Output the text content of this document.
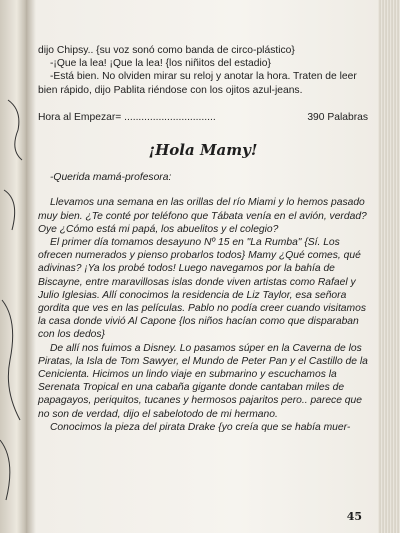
dijo Chipsy.. {su voz sonó como banda de circo-plástico}

-¡Que la lea! ¡Que la lea! {los niñitos del estadio}

-Está bien. No olviden mirar su reloj y anotar la hora. Traten de leer bien rápido, dijo Pablita riéndose con los ojitos azul-jeans.

Hora al Empezar= ................................	390 Palabras
¡Hola Mamy!
-Querida mamá-profesora:

Llevamos una semana en las orillas del río Miami y lo hemos pasado muy bien. ¿Te conté por teléfono que Tábata venía en el avión, verdad? Oye ¿Cómo está mi papá, los abuelitos y el colegio?

El primer día tomamos desayuno Nº 15 en "La Rumba" {Sí. Los ofrecen numerados y pienso probarlos todos} Mamy ¿Qué comes, qué adivinas? ¡Ya los probé todos! Luego navegamos por la bahía de Biscayne, entre maravillosas islas donde viven artistas como Rafael y Julio Iglesias. Allí conocimos la residencia de Liz Taylor, esa señora gordita que ves en las películas. Pablo no podía creer cuando visitamos la casa donde vivió Al Capone {los niños hacían como que disparaban con los dedos}

De allí nos fuimos a Disney. Lo pasamos súper en la Caverna de los Piratas, la Isla de Tom Sawyer, el Mundo de Peter Pan y el Castillo de la Cenicienta. Hicimos un lindo viaje en submarino y escuchamos la Serenata Tropical en una cabaña gigante donde cantaban miles de papagayos, periquitos, tucanes y hermosos pajaritos pero.. parece que no son de verdad, dijo el sabelotodo de mi hermano.

Conocimos la pieza del pirata Drake {yo creía que se había muer-

45
